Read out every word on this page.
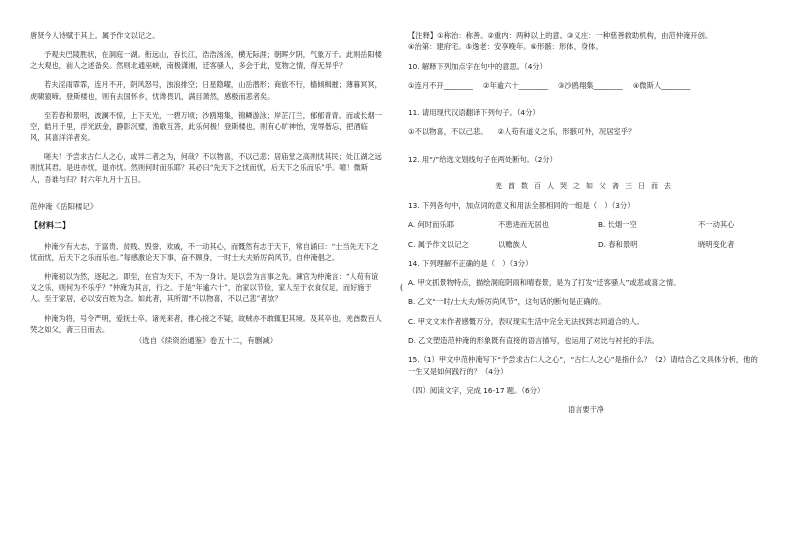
唐贤今人诗赋于其上。属予作文以记之。

予观夫巴陵胜状，在洞庭一湖。衔远山，吞长江，浩浩汤汤，横无际涯；朝晖夕阴，气象万千。此则岳阳楼之大观也，前人之述备矣。然则北通巫峡，南极潇湘，迁客骚人，多会于此，览物之情，得无异乎？

若夫淫雨霏霏，连月不开，阴风怒号，浊浪排空；日星隐曜，山岳潜形；商旅不行，樯倾楫摧；薄暮冥冥，虎啸猿啼。登斯楼也，则有去国怀乡，忧谗畏讥，满目萧然，感极而悲者矣。

至若春和景明，波澜不惊，上下天光，一碧万顷；沙鸥翔集，锦鳞游泳；岸芷汀兰，郁郁青青。而或长烟一空，皓月千里，浮光跃金，静影沉璧，渔歌互答，此乐何极！登斯楼也，则有心旷神怡，宠辱偕忘，把酒临风，其喜洋洋者矣。

嗟夫！予尝求古仁人之心，或异二者之为，何哉？不以物喜，不以己悲；居庙堂之高则忧其民；处江湖之远则忧其君。是进亦忧，退亦忧。然则何时而乐耶？其必曰“先天下之忧而忧，后天下之乐而乐”乎。噫！微斯人，吾谁与归？时六年九月十五日。

范仲淹《岳阳楼记》

【材料二】

仲淹少有大志，于富贵、贫贱、毁誉、欢戚，不一动其心，而慨然有志于天下，常自诵曰：“士当先天下之忧而忧，后天下之乐而乐也。”每感激论天下事，奋不顾身，一时士大夫矫厉尚风节，自仲淹倡之。

仲淹初以为然，逐起之。即至，在官为天下，不为一身计。是以尝为言事之先。谏官为仲淹言：“人苟有谊义之乐，则何为不乐乎？”仲淹为其言，行之。于是“年逾六十”，治家以节俭，家人至于衣食仅足，而好施于人。至于家居，必以安百姓为念。如此者，其所谓“不以物喜，不以己悲”者欤？

仲淹为将，号令严明，爱抚士卒。诸羌来者，推心接之不疑，故贼亦不敢辄犯其境。及其卒也，羌酋数百人哭之如父，斋三日而去。

（选自《续资治通鉴》卷五十二，有删减）

(

【注释】①称治：称善。②重内：两种以上的意。③义庄：一种慈善救助机构，由范仲淹开创。

④治第：建府宅。⑤逸老：安享晚年。⑥形骸：形体、身体。

10. 解释下列加点字在句中的意思。（4分）

①连月不开________ ②年逾六十________ ③沙鸥翔集________ ④微斯人________

11. 请用现代汉语翻译下列句子。（4分）

①不以物喜，不以己悲。 ②人苟有道义之乐，形骸可外，况居室乎？

12. 用“/”给选文划线句子在两处断句。（2分）

羌酋数百人哭之如父斋三日而去

13. 下列各句中，加点词的意义和用法全都相同的一组是（　）（3分）

A. 何时而乐耶	不患进而无居也	B. 长烟一空	不一动其心
C. 属予作文以记之	以赡族人	D. 春和景明	晓明变化者

14. 下列理解不正确的是（　）（3分）

A. 甲文抓景物特点，描绘洞庭阴雨和晴春景，是为了打发“迁客骚人”或悲或喜之情。

B. 乙文“一时/士大夫/矫厉尚风节”，这句话的断句是正确的。

C. 甲文文末作者感慨万分，表叹现实生活中完全无法找到志同道合的人。

D. 乙文塑造范仲淹的形象既有直接的语言描写，也运用了对比与衬托的手法。

15.（1）甲文中范仲淹写下“予尝求古仁人之心”，“古仁人之心”是指什么？（2）请结合乙文具体分析，他的一生又是如何践行的？（4分）

（四）阅读文字，完成 16-17 题。（6分）

语言要干净
